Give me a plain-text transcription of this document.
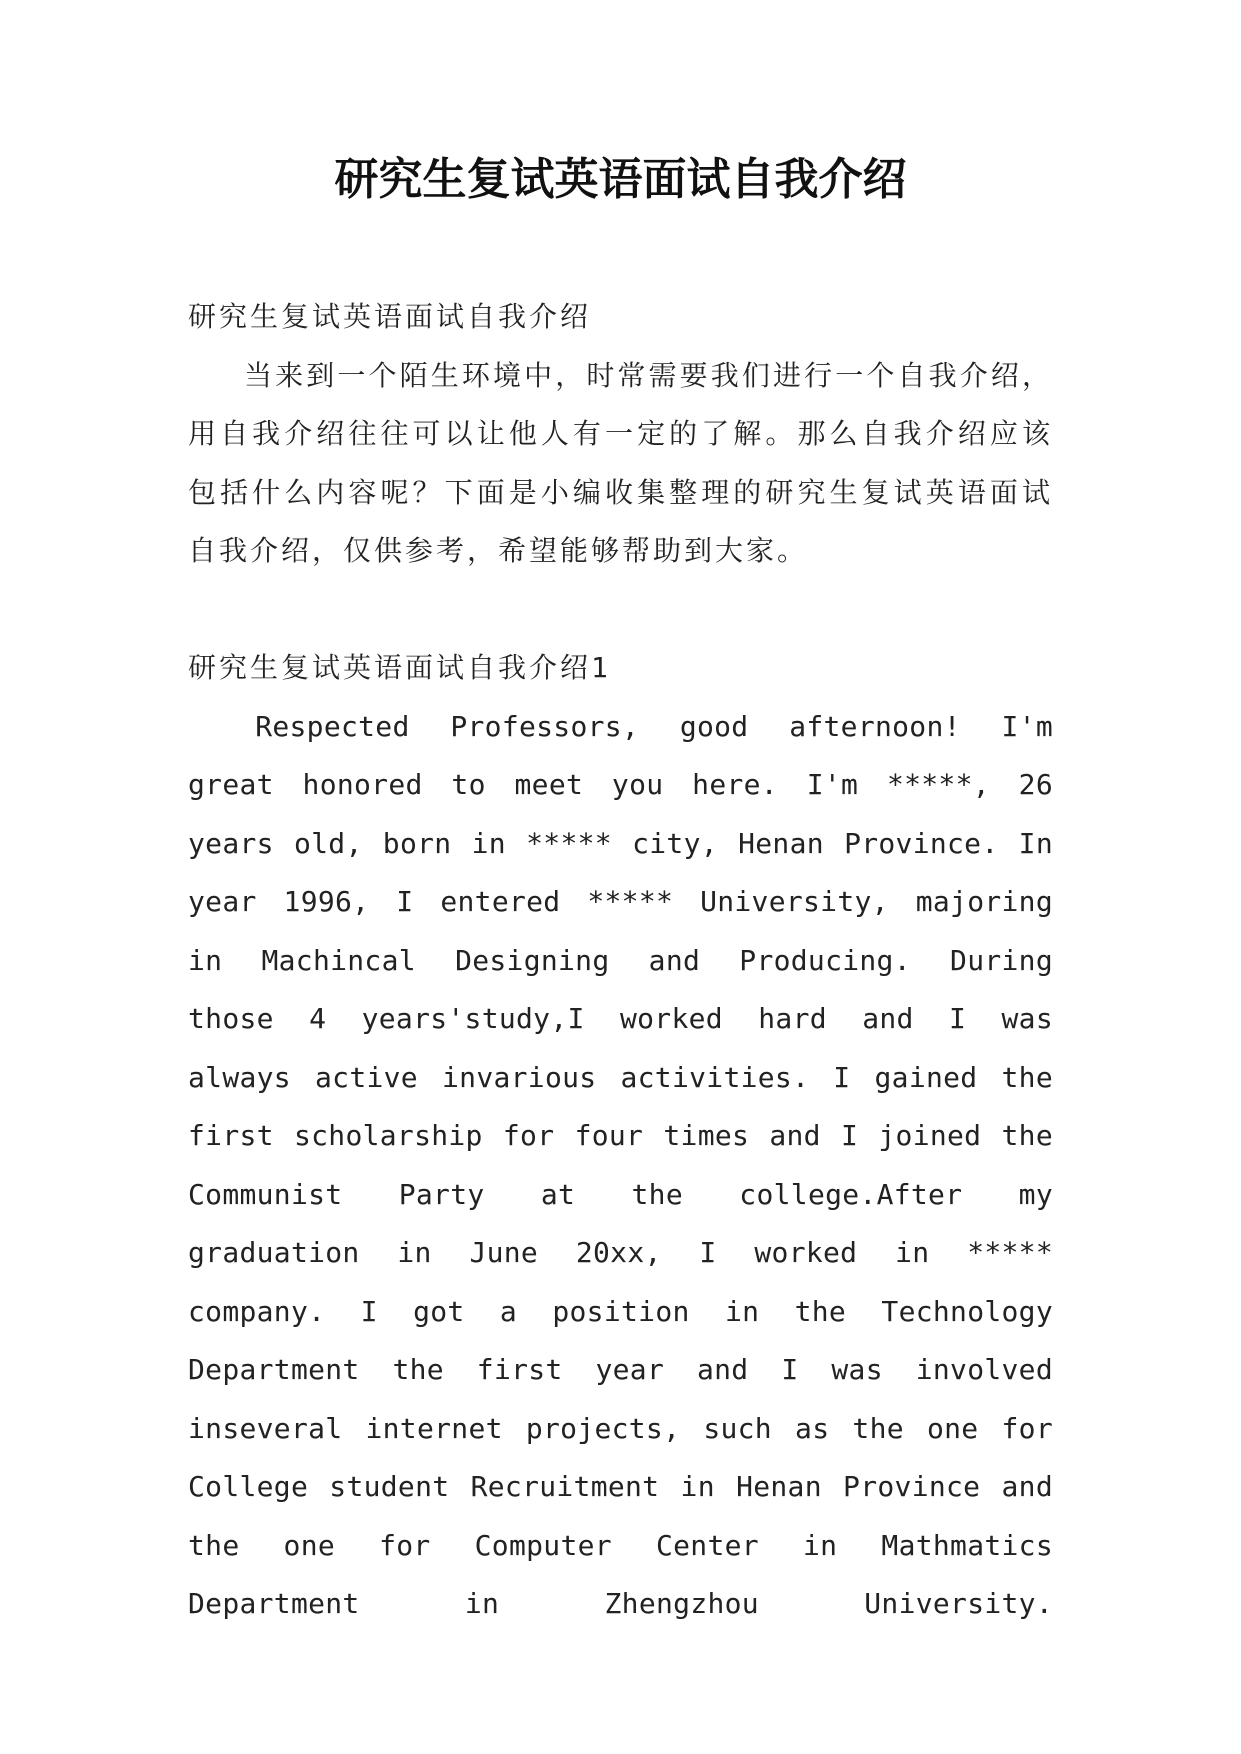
研究生复试英语面试自我介绍

研究生复试英语面试自我介绍

当来到一个陌生环境中，时常需要我们进行一个自我介绍，用自我介绍往往可以让他人有一定的了解。那么自我介绍应该包括什么内容呢？下面是小编收集整理的研究生复试英语面试自我介绍，仅供参考，希望能够帮助到大家。

研究生复试英语面试自我介绍1

Respected Professors, good afternoon! I'm great honored to meet you here. I'm *****, 26 years old, born in ***** city, Henan Province. In year 1996, I entered ***** University, majoring in Machincal Designing and Producing. During those 4 years'study,I worked hard and I was always active invarious activities. I gained the first scholarship for four times and I joined the Communist Party at the college.After my graduation in June 20xx, I worked in ***** company. I got a position in the Technology Department the first year and I was involved inseveral internet projects, such as the one for College student Recruitment in Henan Province and the one for Computer Center in Mathmatics Department in Zhengzhou University.
